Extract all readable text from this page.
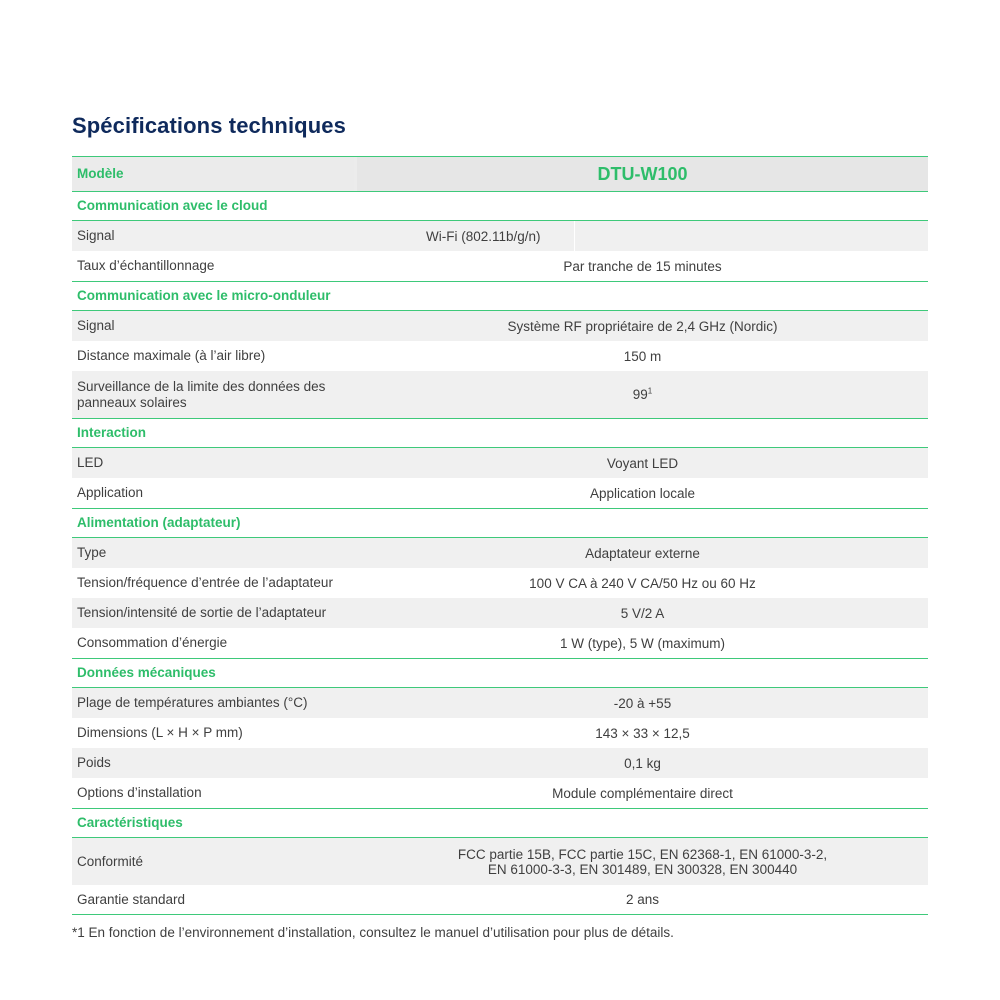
Spécifications techniques
Modèle	DTU-W100
Communication avec le cloud
Signal	Wi-Fi (802.11b/g/n)
Taux d’échantillonnage	Par tranche de 15 minutes
Communication avec le micro-onduleur
Signal	Système RF propriétaire de 2,4 GHz (Nordic)
Distance maximale (à l’air libre)	150 m
Surveillance de la limite des données des panneaux solaires	$99^1$
Interaction
LED	Voyant LED
Application	Application locale
Alimentation (adaptateur)
Type	Adaptateur externe
Tension/fréquence d’entrée de l’adaptateur	100 V CA à 240 V CA/50 Hz ou 60 Hz
Tension/intensité de sortie de l’adaptateur	5 V/2 A
Consommation d’énergie	1 W (type), 5 W (maximum)
Données mécaniques
Plage de températures ambiantes (°C)	-20 à +55
Dimensions (L × H × P mm)	143 × 33 × 12,5
Poids	0,1 kg
Options d’installation	Module complémentaire direct
Caractéristiques
Conformité	FCC partie 15B, FCC partie 15C, EN 62368-1, EN 61000-3-2,
EN 61000-3-3, EN 301489, EN 300328, EN 300440
Garantie standard	2 ans
*1 En fonction de l’environnement d’installation, consultez le manuel d’utilisation pour plus de détails.
